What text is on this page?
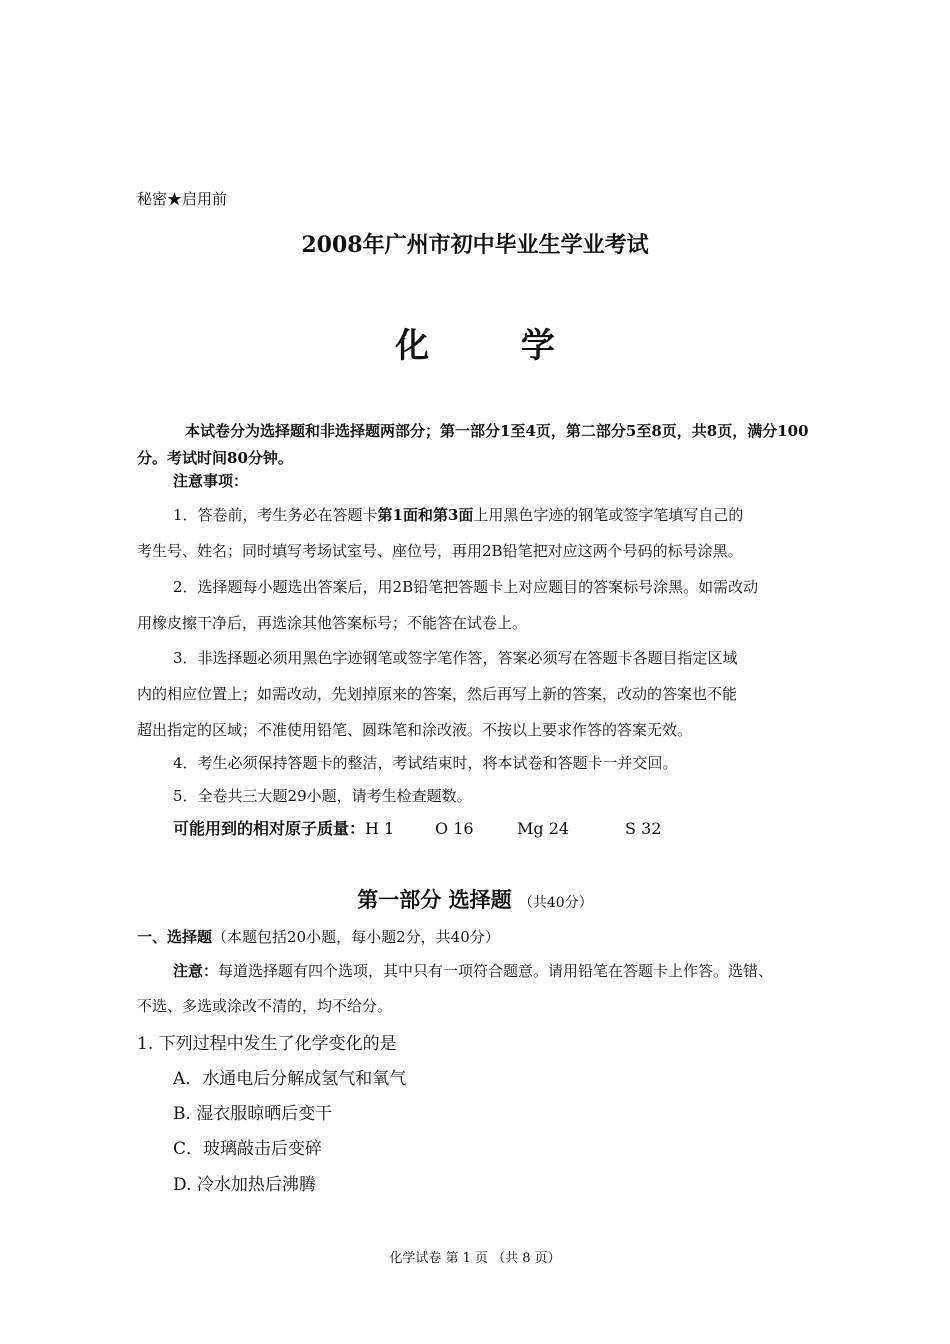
秘密★启用前
2008年广州市初中毕业生学业考试
化 学
本试卷分为选择题和非选择题两部分；第一部分1至4页，第二部分5至8页，共8页，满分100分。考试时间80分钟。
注意事项：
1．答卷前，考生务必在答题卡第1面和第3面上用黑色字迹的钢笔或签字笔填写自己的
考生号、姓名；同时填写考场试室号、座位号，再用2B铅笔把对应这两个号码的标号涂黑。
2．选择题每小题选出答案后，用2B铅笔把答题卡上对应题目的答案标号涂黑。如需改动
用橡皮擦干净后，再选涂其他答案标号；不能答在试卷上。
3．非选择题必须用黑色字迹钢笔或签字笔作答，答案必须写在答题卡各题目指定区域
内的相应位置上；如需改动，先划掉原来的答案，然后再写上新的答案，改动的答案也不能
超出指定的区域；不准使用铅笔、圆珠笔和涂改液。不按以上要求作答的答案无效。
4．考生必须保持答题卡的整洁，考试结束时，将本试卷和答题卡一并交回。
5．全卷共三大题29小题，请考生检查题数。
可能用到的相对原子质量：H 1	O 16	Mg 24	S 32
第一部分 选择题 （共40分）
一、选择题（本题包括20小题，每小题2分，共40分）
注意：每道选择题有四个选项，其中只有一项符合题意。请用铅笔在答题卡上作答。选错、
不选、多选或涂改不清的，均不给分。
1. 下列过程中发生了化学变化的是
A．水通电后分解成氢气和氧气
B. 湿衣服晾晒后变干
C．玻璃敲击后变碎
D. 冷水加热后沸腾
化学试卷 第 1 页 （共 8 页）
